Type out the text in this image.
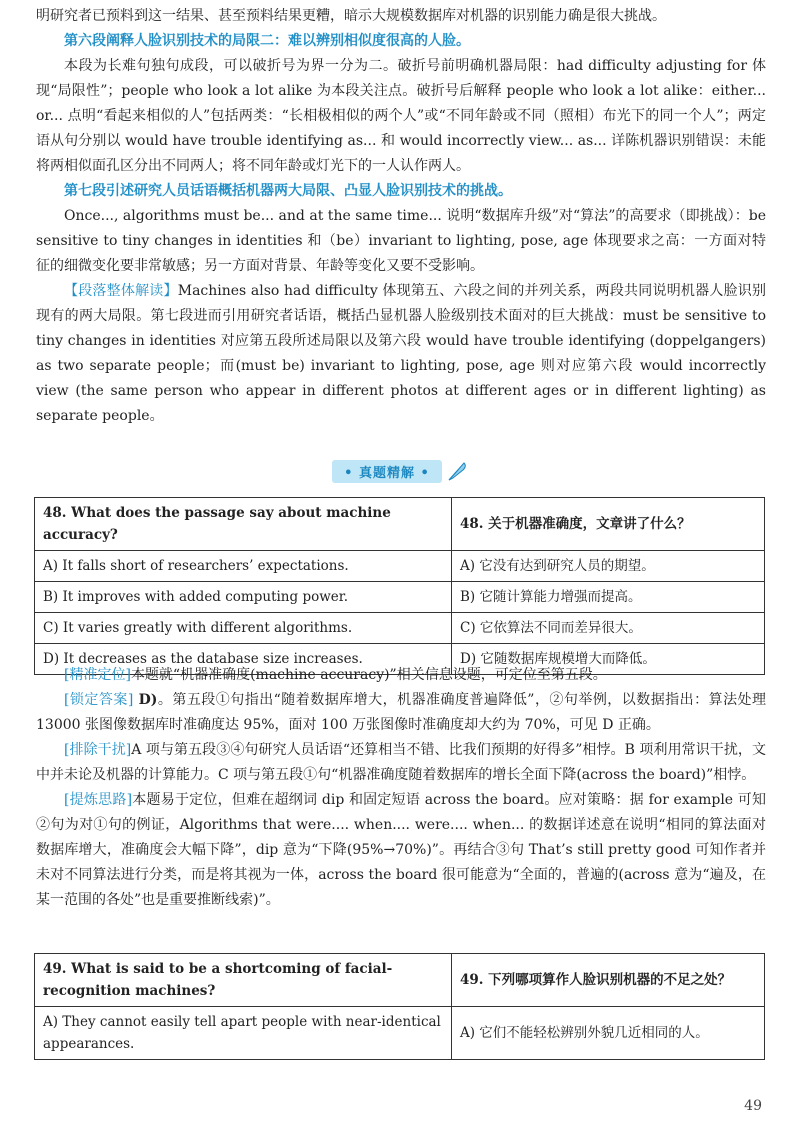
明研究者已预料到这一结果、甚至预料结果更糟，暗示大规模数据库对机器的识别能力确是很大挑战。

第六段阐释人脸识别技术的局限二：难以辨别相似度很高的人脸。

本段为长难句独句成段，可以破折号为界一分为二。破折号前明确机器局限：had difficulty adjusting for 体现“局限性”；people who look a lot alike 为本段关注点。破折号后解释 people who look a lot alike：either... or... 点明“看起来相似的人”包括两类：“长相极相似的两个人”或“不同年龄或不同（照相）布光下的同一个人”；两定语从句分别以 would have trouble identifying as... 和 would incorrectly view... as... 详陈机器识别错误：未能将两相似面孔区分出不同两人；将不同年龄或灯光下的一人认作两人。

第七段引述研究人员话语概括机器两大局限、凸显人脸识别技术的挑战。

Once..., algorithms must be... and at the same time... 说明“数据库升级”对“算法”的高要求（即挑战）：be sensitive to tiny changes in identities 和（be）invariant to lighting, pose, age 体现要求之高：一方面对特征的细微变化要非常敏感；另一方面对背景、年龄等变化又要不受影响。

【段落整体解读】Machines also had difficulty 体现第五、六段之间的并列关系，两段共同说明机器人脸识别现有的两大局限。第七段进而引用研究者话语，概括凸显机器人脸级别技术面对的巨大挑战：must be sensitive to tiny changes in identities 对应第五段所述局限以及第六段 would have trouble identifying (doppelgangers) as two separate people；而(must be) invariant to lighting, pose, age 则对应第六段 would incorrectly view (the same person who appear in different photos at different ages or in different lighting) as separate people。

• 真题精解 •
48. What does the passage say about machine accuracy?	48. 关于机器准确度，文章讲了什么？
A) It falls short of researchers’ expectations.	A) 它没有达到研究人员的期望。
B) It improves with added computing power.	B) 它随计算能力增强而提高。
C) It varies greatly with different algorithms.	C) 它依算法不同而差异很大。
D) It decreases as the database size increases.	D) 它随数据库规模增大而降低。

[精准定位]本题就“机器准确度(machine accuracy)”相关信息设题，可定位至第五段。

[锁定答案] D)。第五段①句指出“随着数据库增大，机器准确度普遍降低”，②句举例，以数据指出：算法处理 13000 张图像数据库时准确度达 95%，面对 100 万张图像时准确度却大约为 70%，可见 D 正确。

[排除干扰]A 项与第五段③④句研究人员话语“还算相当不错、比我们预期的好得多”相悖。B 项利用常识干扰，文中并未论及机器的计算能力。C 项与第五段①句“机器准确度随着数据库的增长全面下降(across the board)”相悖。

[提炼思路]本题易于定位，但难在超纲词 dip 和固定短语 across the board。应对策略：据 for example 可知②句为对①句的例证，Algorithms that were.... when.... were.... when... 的数据详述意在说明“相同的算法面对数据库增大，准确度会大幅下降”，dip 意为“下降(95%→70%)”。再结合③句 That’s still pretty good 可知作者并未对不同算法进行分类，而是将其视为一体，across the board 很可能意为“全面的，普遍的(across 意为“遍及，在某一范围的各处”也是重要推断线索)”。

49. What is said to be a shortcoming of facial-recognition machines?	49. 下列哪项算作人脸识别机器的不足之处？
A) They cannot easily tell apart people with near-identical appearances.	A) 它们不能轻松辨别外貌几近相同的人。
49
